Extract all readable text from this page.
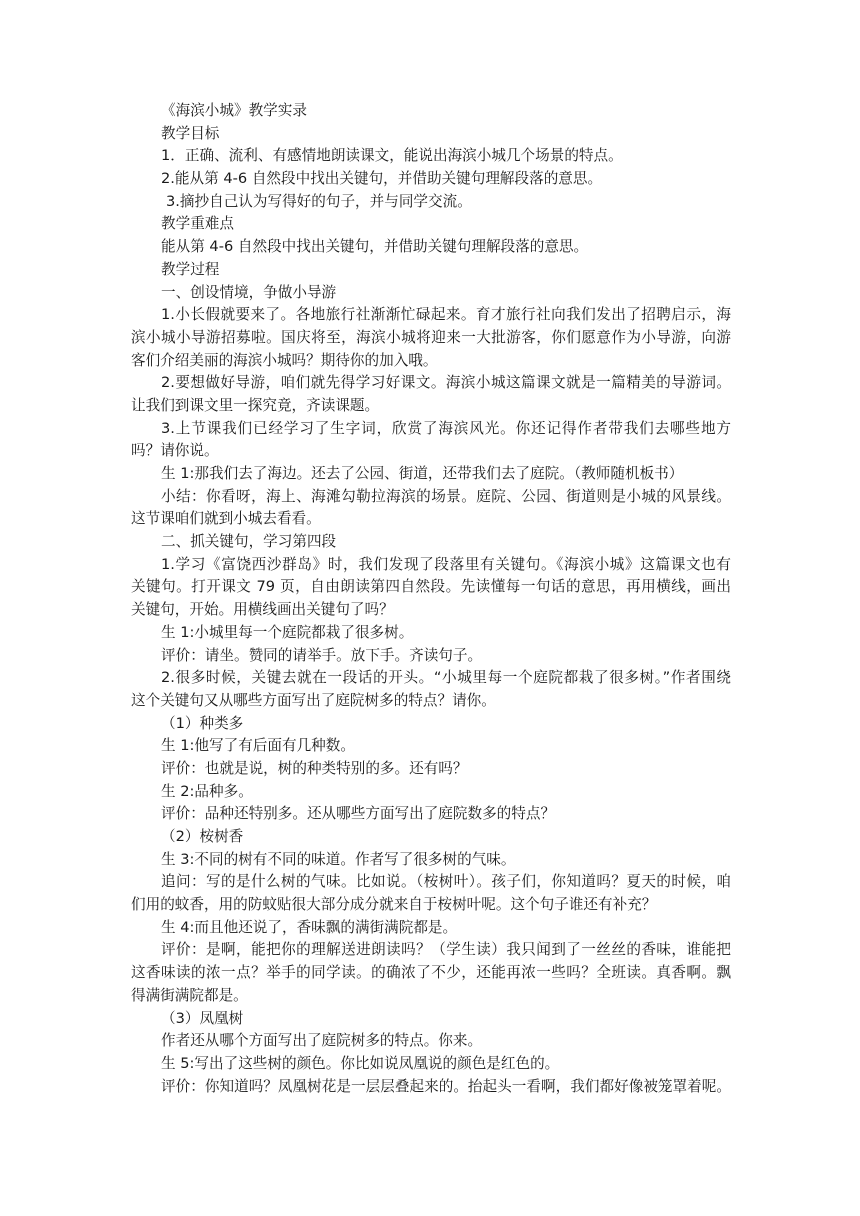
《海滨小城》教学实录
教学目标
1．正确、流利、有感情地朗读课文，能说出海滨小城几个场景的特点。
2.能从第 4-6 自然段中找出关键句，并借助关键句理解段落的意思。
3.摘抄自己认为写得好的句子，并与同学交流。
教学重难点
能从第 4-6 自然段中找出关键句，并借助关键句理解段落的意思。
教学过程
一、创设情境，争做小导游
1.小长假就要来了。各地旅行社渐渐忙碌起来。育才旅行社向我们发出了招聘启示，海
滨小城小导游招募啦。国庆将至，海滨小城将迎来一大批游客，你们愿意作为小导游，向游
客们介绍美丽的海滨小城吗？期待你的加入哦。
2.要想做好导游，咱们就先得学习好课文。海滨小城这篇课文就是一篇精美的导游词。
让我们到课文里一探究竟，齐读课题。
3.上节课我们已经学习了生字词，欣赏了海滨风光。你还记得作者带我们去哪些地方
吗？请你说。
生 1:那我们去了海边。还去了公园、街道，还带我们去了庭院。（教师随机板书）
小结：你看呀，海上、海滩勾勒拉海滨的场景。庭院、公园、街道则是小城的风景线。
这节课咱们就到小城去看看。
二、抓关键句，学习第四段
1.学习《富饶西沙群岛》时，我们发现了段落里有关键句。《海滨小城》这篇课文也有
关键句。打开课文 79 页，自由朗读第四自然段。先读懂每一句话的意思，再用横线，画出
关键句，开始。用横线画出关键句了吗？
生 1:小城里每一个庭院都栽了很多树。
评价：请坐。赞同的请举手。放下手。齐读句子。
2.很多时候，关键去就在一段话的开头。“小城里每一个庭院都栽了很多树。”作者围绕
这个关键句又从哪些方面写出了庭院树多的特点？请你。
（1）种类多
生 1:他写了有后面有几种数。
评价：也就是说，树的种类特别的多。还有吗？
生 2:品种多。
评价：品种还特别多。还从哪些方面写出了庭院数多的特点？
（2）桉树香
生 3:不同的树有不同的味道。作者写了很多树的气味。
追问：写的是什么树的气味。比如说。（桉树叶）。孩子们，你知道吗？夏天的时候，咱
们用的蚊香，用的防蚊贴很大部分成分就来自于桉树叶呢。这个句子谁还有补充？
生 4:而且他还说了，香味飘的满街满院都是。
评价：是啊，能把你的理解送进朗读吗？（学生读）我只闻到了一丝丝的香味，谁能把
这香味读的浓一点？举手的同学读。的确浓了不少，还能再浓一些吗？全班读。真香啊。飘
得满街满院都是。
（3）凤凰树
作者还从哪个方面写出了庭院树多的特点。你来。
生 5:写出了这些树的颜色。你比如说凤凰说的颜色是红色的。
评价：你知道吗？凤凰树花是一层层叠起来的。抬起头一看啊，我们都好像被笼罩着呢。
